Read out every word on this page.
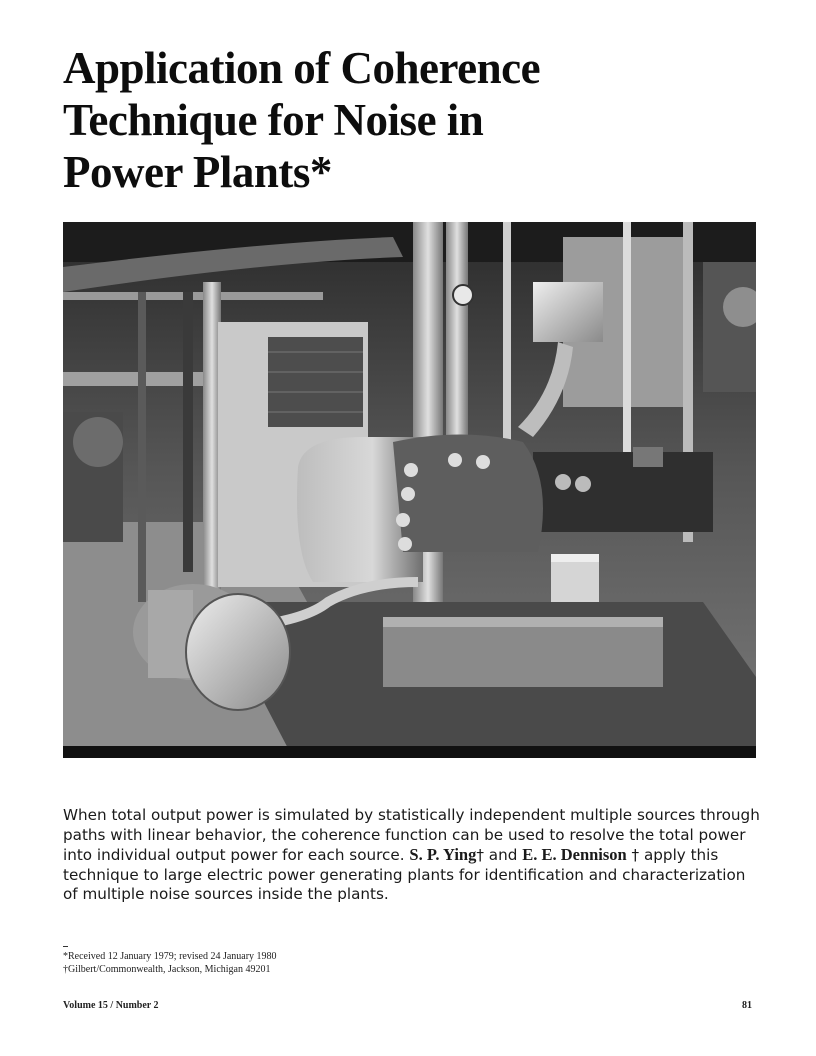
Application of Coherence
Technique for Noise in
Power Plants*

When total output power is simulated by statistically independent multiple sources through paths with linear behavior, the coherence function can be used to resolve the total power into individual output power for each source. S. P. Ying† and E. E. Dennison † apply this technique to large electric power generating plants for identification and characterization of multiple noise sources inside the plants.

*Received 12 January 1979; revised 24 January 1980
†Gilbert/Commonwealth, Jackson, Michigan 49201
Volume 15 / Number 2	81
